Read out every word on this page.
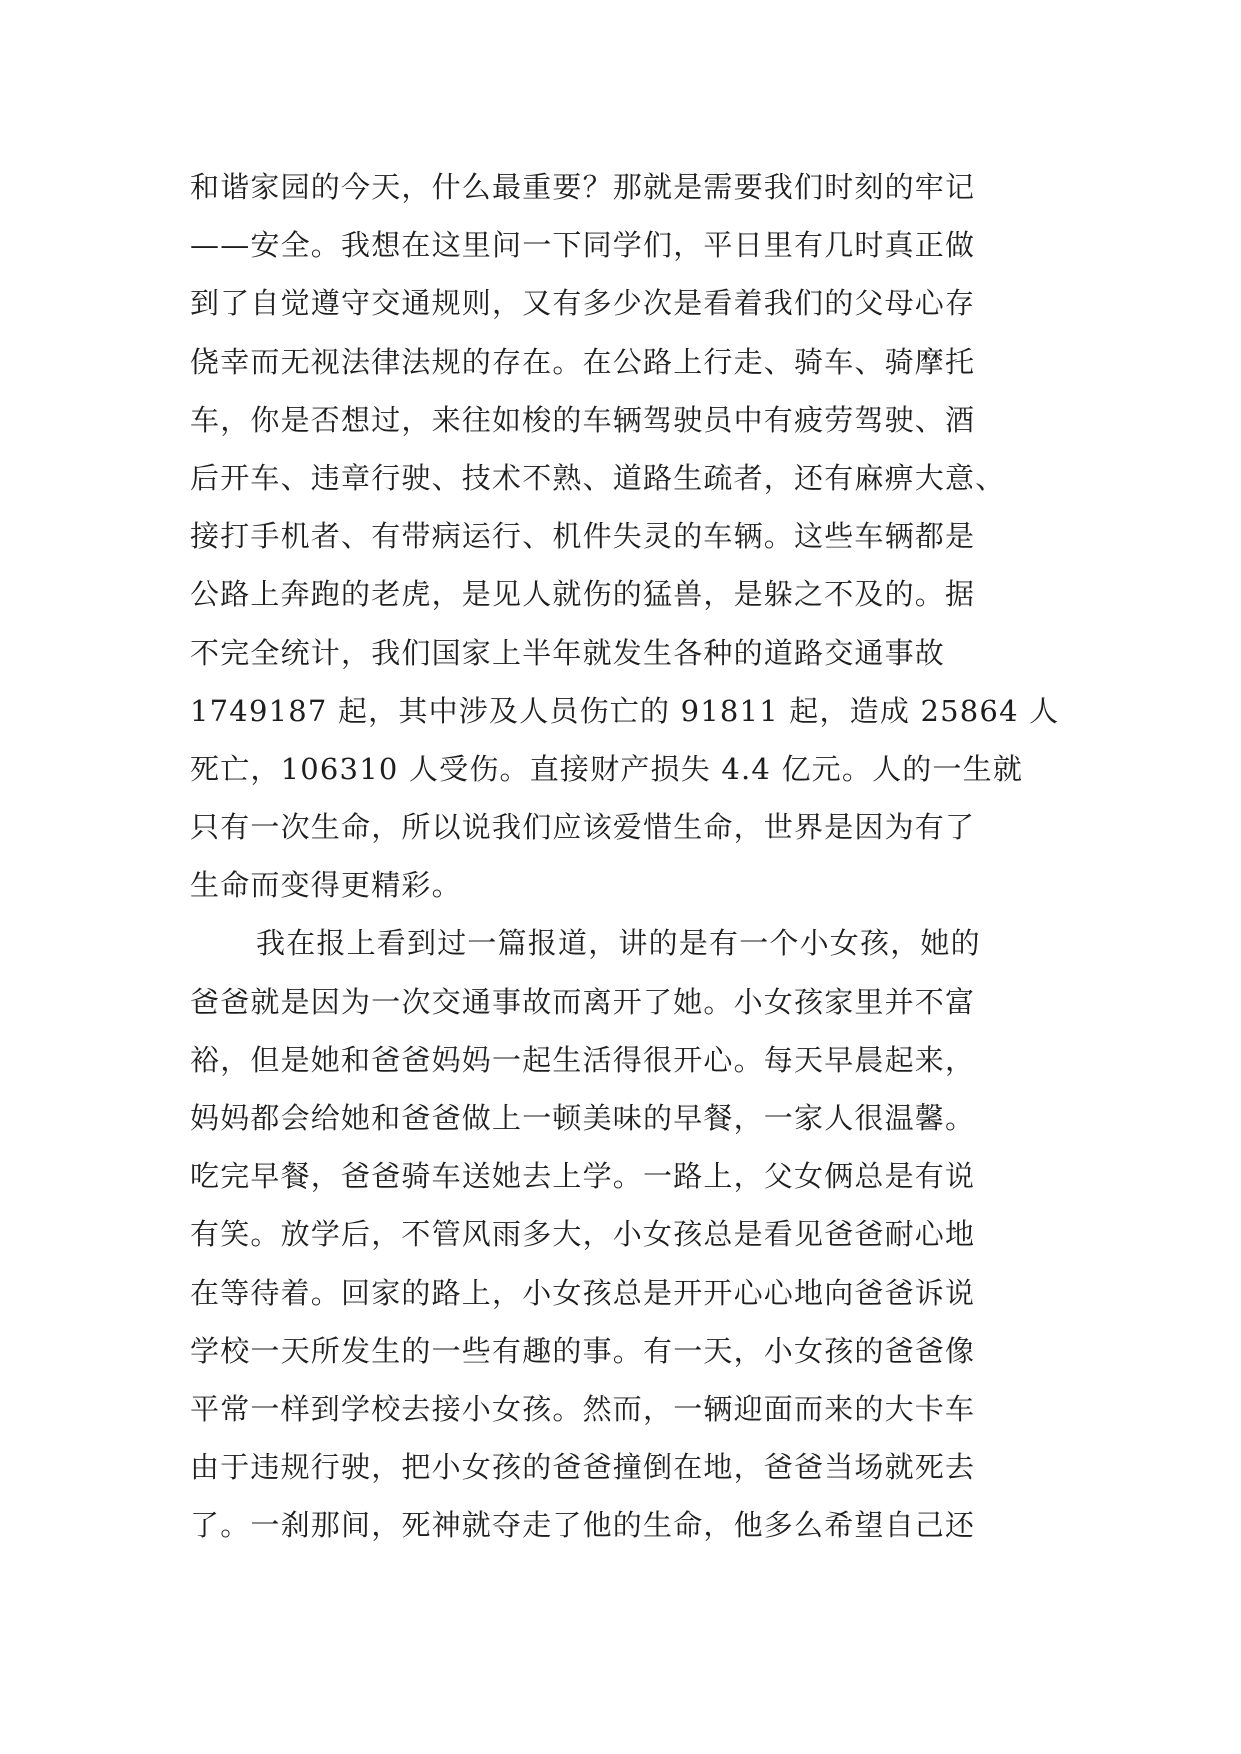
和谐家园的今天，什么最重要？那就是需要我们时刻的牢记
——安全。我想在这里问一下同学们，平日里有几时真正做
到了自觉遵守交通规则，又有多少次是看着我们的父母心存
侥幸而无视法律法规的存在。在公路上行走、骑车、骑摩托
车，你是否想过，来往如梭的车辆驾驶员中有疲劳驾驶、酒
后开车、违章行驶、技术不熟、道路生疏者，还有麻痹大意、
接打手机者、有带病运行、机件失灵的车辆。这些车辆都是
公路上奔跑的老虎，是见人就伤的猛兽，是躲之不及的。据
不完全统计，我们国家上半年就发生各种的道路交通事故
1749187 起，其中涉及人员伤亡的 91811 起，造成 25864 人
死亡，106310 人受伤。直接财产损失 4.4 亿元。人的一生就
只有一次生命，所以说我们应该爱惜生命，世界是因为有了
生命而变得更精彩。
我在报上看到过一篇报道，讲的是有一个小女孩，她的
爸爸就是因为一次交通事故而离开了她。小女孩家里并不富
裕，但是她和爸爸妈妈一起生活得很开心。每天早晨起来，
妈妈都会给她和爸爸做上一顿美味的早餐，一家人很温馨。
吃完早餐，爸爸骑车送她去上学。一路上，父女俩总是有说
有笑。放学后，不管风雨多大，小女孩总是看见爸爸耐心地
在等待着。回家的路上，小女孩总是开开心心地向爸爸诉说
学校一天所发生的一些有趣的事。有一天，小女孩的爸爸像
平常一样到学校去接小女孩。然而，一辆迎面而来的大卡车
由于违规行驶，把小女孩的爸爸撞倒在地，爸爸当场就死去
了。一刹那间，死神就夺走了他的生命，他多么希望自己还
